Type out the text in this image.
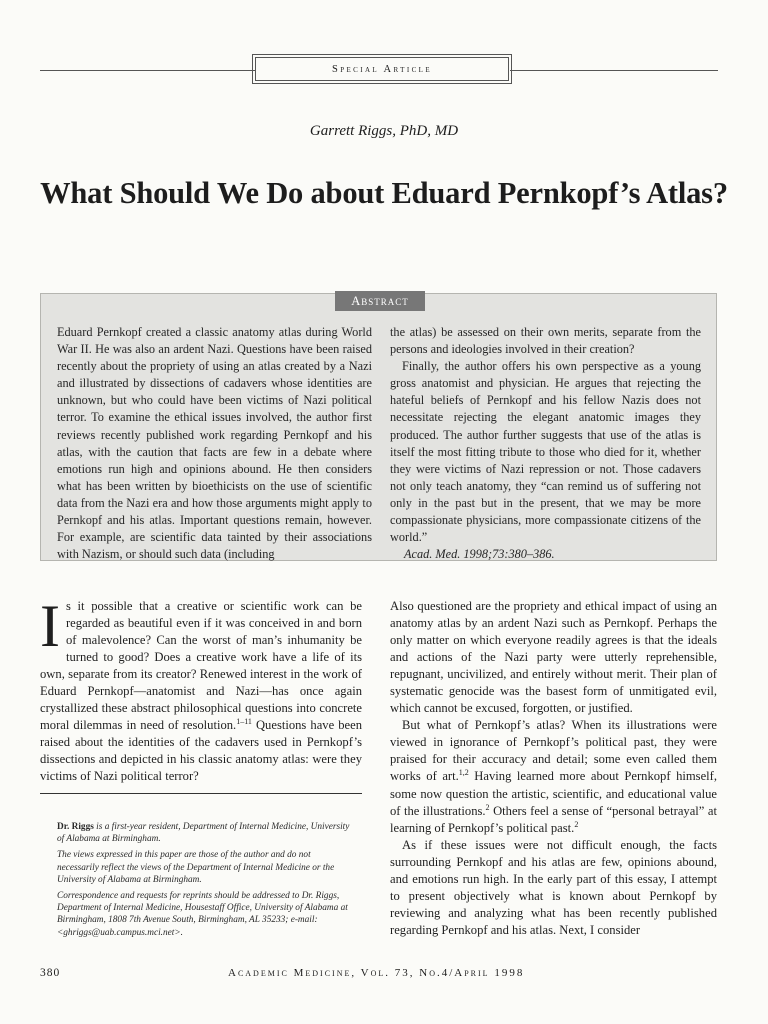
Special Article
Garrett Riggs, PhD, MD
What Should We Do about Eduard Pernkopf’s Atlas?
Abstract

Eduard Pernkopf created a classic anatomy atlas during World War II. He was also an ardent Nazi. Questions have been raised recently about the propriety of using an atlas created by a Nazi and illustrated by dissections of cadavers whose identities are unknown, but who could have been victims of Nazi political terror. To examine the ethical issues involved, the author first reviews recently published work regarding Pernkopf and his atlas, with the caution that facts are few in a debate where emotions run high and opinions abound. He then considers what has been written by bioethicists on the use of scientific data from the Nazi era and how those arguments might apply to Pernkopf and his atlas. Important questions remain, however. For example, are scientific data tainted by their associations with Nazism, or should such data (including

the atlas) be assessed on their own merits, separate from the persons and ideologies involved in their creation?

Finally, the author offers his own perspective as a young gross anatomist and physician. He argues that rejecting the hateful beliefs of Pernkopf and his fellow Nazis does not necessitate rejecting the elegant anatomic images they produced. The author further suggests that use of the atlas is itself the most fitting tribute to those who died for it, whether they were victims of Nazi repression or not. Those cadavers not only teach anatomy, they “can remind us of suffering not only in the past but in the present, that we may be more compassionate physicians, more compassionate citizens of the world.”

Acad. Med. 1998;73:380–386.

Is it possible that a creative or scientific work can be regarded as beautiful even if it was conceived in and born of malevolence? Can the worst of man’s inhumanity be turned to good? Does a creative work have a life of its own, separate from its creator? Renewed interest in the work of Eduard Pernkopf—anatomist and Nazi—has once again crystallized these abstract philosophical questions into concrete moral dilemmas in need of resolution.$^{1-11}$ Questions have been raised about the identities of the cadavers used in Pernkopf’s dissections and depicted in his classic anatomy atlas: were they victims of Nazi political terror?

Also questioned are the propriety and ethical impact of using an anatomy atlas by an ardent Nazi such as Pernkopf. Perhaps the only matter on which everyone readily agrees is that the ideals and actions of the Nazi party were utterly reprehensible, repugnant, uncivilized, and entirely without merit. Their plan of systematic genocide was the basest form of unmitigated evil, which cannot be excused, forgotten, or justified.

But what of Pernkopf’s atlas? When its illustrations were viewed in ignorance of Pernkopf’s political past, they were praised for their accuracy and detail; some even called them works of art.$^{1,2}$ Having learned more about Pernkopf himself, some now question the artistic, scientific, and educational value of the illustrations.$^2$ Others feel a sense of “personal betrayal” at learning of Pernkopf’s political past.$^2$

As if these issues were not difficult enough, the facts surrounding Pernkopf and his atlas are few, opinions abound, and emotions run high. In the early part of this essay, I attempt to present objectively what is known about Pernkopf by reviewing and analyzing what has been recently published regarding Pernkopf and his atlas. Next, I consider

Dr. Riggs is a first-year resident, Department of Internal Medicine, University of Alabama at Birmingham.

The views expressed in this paper are those of the author and do not necessarily reflect the views of the Department of Internal Medicine or the University of Alabama at Birmingham.

Correspondence and requests for reprints should be addressed to Dr. Riggs, Department of Internal Medicine, Housestaff Office, University of Alabama at Birmingham, 1808 7th Avenue South, Birmingham, AL 35233; e-mail: <ghriggs@uab.campus.mci.net>.

380	Academic Medicine, Vol. 73, No.4/April 1998
